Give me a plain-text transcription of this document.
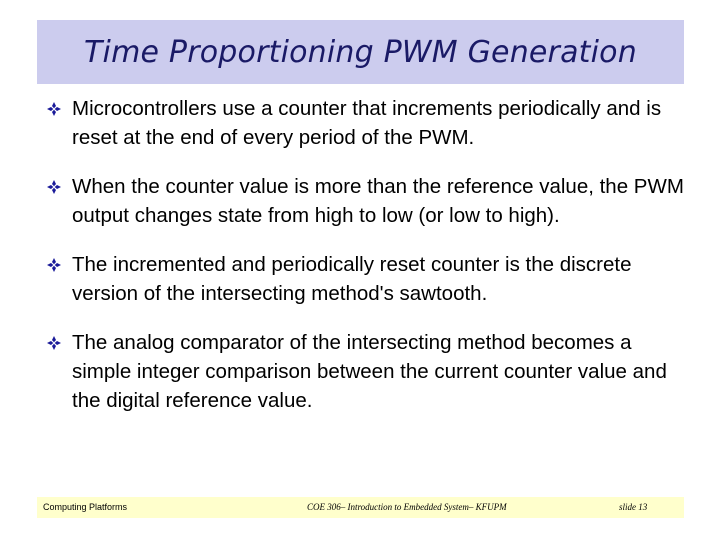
Time Proportioning PWM Generation
Microcontrollers use a counter that increments periodically and is reset at the end of every period of the PWM.
When the counter value is more than the reference value, the PWM output changes state from high to low (or low to high).
The incremented and periodically reset counter is the discrete version of the intersecting method's sawtooth.
The analog comparator of the intersecting method becomes a simple integer comparison between the current counter value and the digital reference value.
Computing Platforms	COE 306– Introduction to Embedded System– KFUPM	slide 13
